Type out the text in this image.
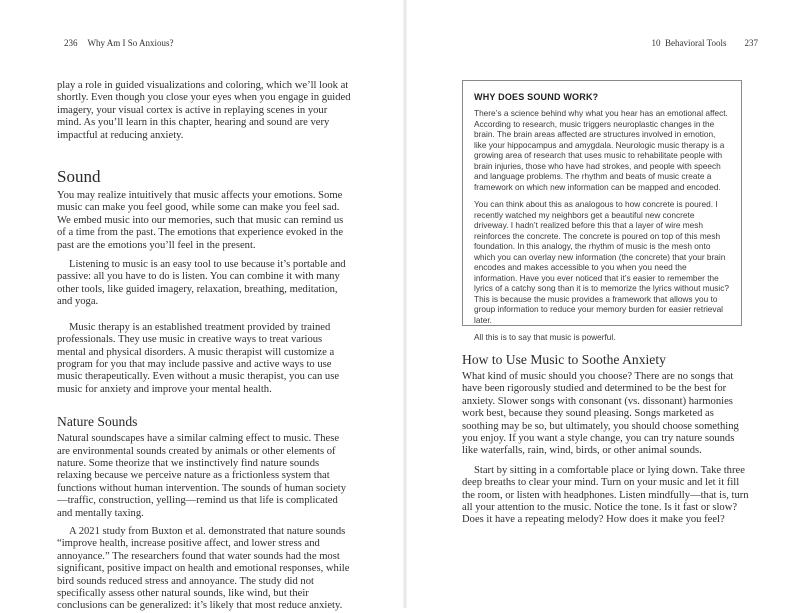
236 Why Am I So Anxious?

play a role in guided visualizations and coloring, which we’ll look at shortly. Even though you close your eyes when you engage in guided imagery, your visual cortex is active in replaying scenes in your mind. As you’ll learn in this chapter, hearing and sound are very impactful at reducing anxiety.

Sound

You may realize intuitively that music affects your emotions. Some music can make you feel good, while some can make you feel sad. We embed music into our memories, such that music can remind us of a time from the past. The emotions that experience evoked in the past are the emotions you’ll feel in the present.

Listening to music is an easy tool to use because it’s portable and passive: all you have to do is listen. You can combine it with many other tools, like guided imagery, relaxation, breathing, meditation, and yoga.

Music therapy is an established treatment provided by trained professionals. They use music in creative ways to treat various mental and physical disorders. A music therapist will customize a program for you that may include passive and active ways to use music therapeutically. Even without a music therapist, you can use music for anxiety and improve your mental health.

Nature Sounds

Natural soundscapes have a similar calming effect to music. These are environmental sounds created by animals or other elements of nature. Some theorize that we instinctively find nature sounds relaxing because we perceive nature as a frictionless system that functions without human intervention. The sounds of human society—traffic, construction, yelling—remind us that life is complicated and mentally taxing.

A 2021 study from Buxton et al. demonstrated that nature sounds “improve health, increase positive affect, and lower stress and annoyance.” The researchers found that water sounds had the most significant, positive impact on health and emotional responses, while bird sounds reduced stress and annoyance. The study did not specifically assess other natural sounds, like wind, but their conclusions can be generalized: it’s likely that most reduce anxiety.

10 Behavioral Tools 237
WHY DOES SOUND WORK?

There’s a science behind why what you hear has an emotional affect. According to research, music triggers neuroplastic changes in the brain. The brain areas affected are structures involved in emotion, like your hippocampus and amygdala. Neurologic music therapy is a growing area of research that uses music to rehabilitate people with brain injuries, those who have had strokes, and people with speech and language problems. The rhythm and beats of music create a framework on which new information can be mapped and encoded.

You can think about this as analogous to how concrete is poured. I recently watched my neighbors get a beautiful new concrete driveway. I hadn’t realized before this that a layer of wire mesh reinforces the concrete. The concrete is poured on top of this mesh foundation. In this analogy, the rhythm of music is the mesh onto which you can overlay new information (the concrete) that your brain encodes and makes accessible to you when you need the information. Have you ever noticed that it’s easier to remember the lyrics of a catchy song than it is to memorize the lyrics without music? This is because the music provides a framework that allows you to group information to reduce your memory burden for easier retrieval later.

All this is to say that music is powerful.

How to Use Music to Soothe Anxiety

What kind of music should you choose? There are no songs that have been rigorously studied and determined to be the best for anxiety. Slower songs with consonant (vs. dissonant) harmonies work best, because they sound pleasing. Songs marketed as soothing may be so, but ultimately, you should choose something you enjoy. If you want a style change, you can try nature sounds like waterfalls, rain, wind, birds, or other animal sounds.

Start by sitting in a comfortable place or lying down. Take three deep breaths to clear your mind. Turn on your music and let it fill the room, or listen with headphones. Listen mindfully—that is, turn all your attention to the music. Notice the tone. Is it fast or slow? Does it have a repeating melody? How does it make you feel?
